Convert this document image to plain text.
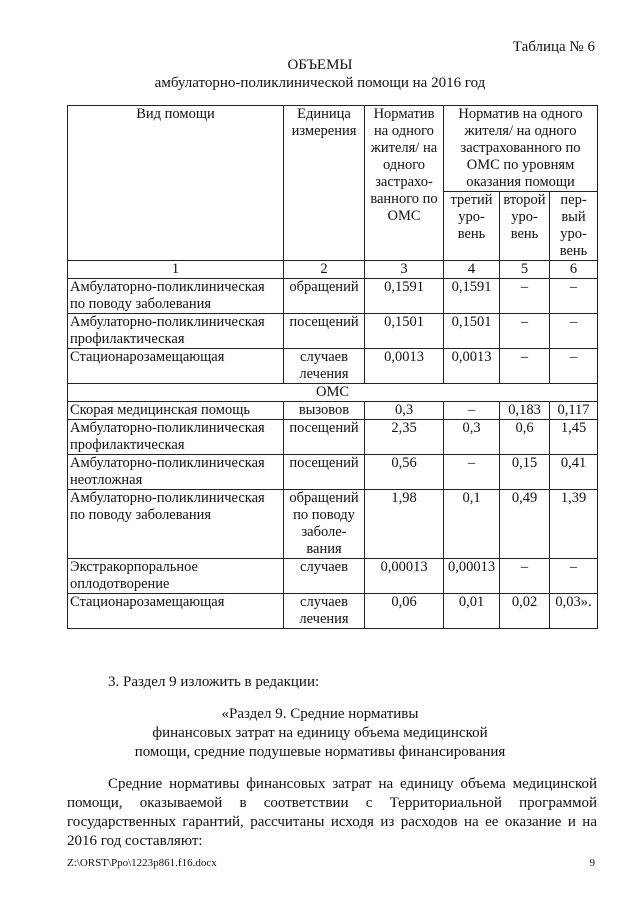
Таблица № 6
ОБЪЕМЫ
амбулаторно-поликлинической помощи на 2016 год
Вид помощи	Единица измерения	Норматив на одного жителя/ на одного застрахо-ванного по ОМС	Норматив на одного жителя/ на одного застрахованного по ОМС по уровням оказания помощи		
			третий уро-вень	второй уро-вень	пер-вый уро-вень
1	2	3	4	5	6
Амбулаторно-поликлиническая по поводу заболевания	обращений	0,1591	0,1591	–	–
Амбулаторно-поликлиническая профилактическая	посещений	0,1501	0,1501	–	–
Стационарозамещающая	случаев лечения	0,0013	0,0013	–	–
ОМС					
Скорая медицинская помощь	вызовов	0,3	–	0,183	0,117
Амбулаторно-поликлиническая профилактическая	посещений	2,35	0,3	0,6	1,45
Амбулаторно-поликлиническая неотложная	посещений	0,56	–	0,15	0,41
Амбулаторно-поликлиническая по поводу заболевания	обращений по поводу заболе-вания	1,98	0,1	0,49	1,39
Экстракорпоральное оплодотворение	случаев	0,00013	0,00013	–	–
Стационарозамещающая	случаев лечения	0,06	0,01	0,02	0,03».
3. Раздел 9 изложить в редакции:
«Раздел 9. Средние нормативы
финансовых затрат на единицу объема медицинской
помощи, средние подушевые нормативы финансирования
Средние нормативы финансовых затрат на единицу объема медицинской помощи, оказываемой в соответствии с Территориальной программой государственных гарантий, рассчитаны исходя из расходов на ее оказание и на 2016 год составляют:
Z:\ORST\Ppo\1223p861.f16.docx	9
